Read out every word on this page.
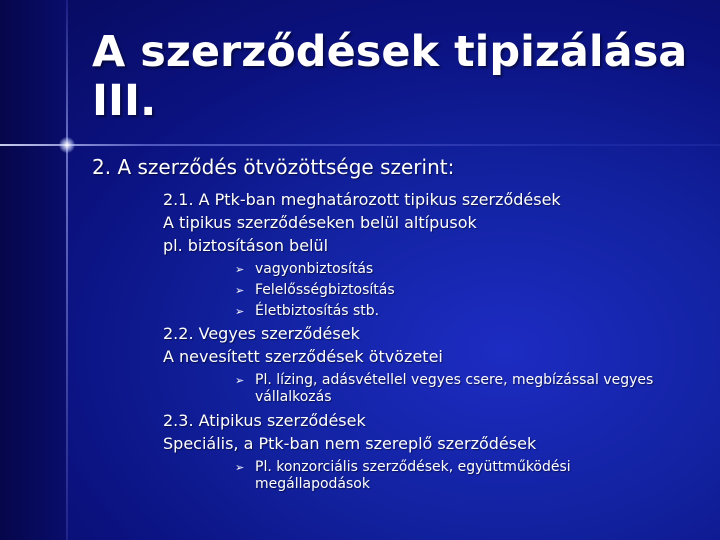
A szerződések tipizálása
III.
2. A szerződés ötvözöttsége szerint:
2.1. A Ptk-ban meghatározott tipikus szerződések
A tipikus szerződéseken belül altípusok
pl. biztosításon belül
➢ vagyonbiztosítás
➢ Felelősségbiztosítás
➢ Életbiztosítás stb.
2.2. Vegyes szerződések
A nevesített szerződések ötvözetei
➢ Pl. lízing, adásvétellel vegyes csere, megbízással vegyes
vállalkozás
2.3. Atipikus szerződések
Speciális, a Ptk-ban nem szereplő szerződések
➢ Pl. konzorciális szerződések, együttműködési
megállapodások
